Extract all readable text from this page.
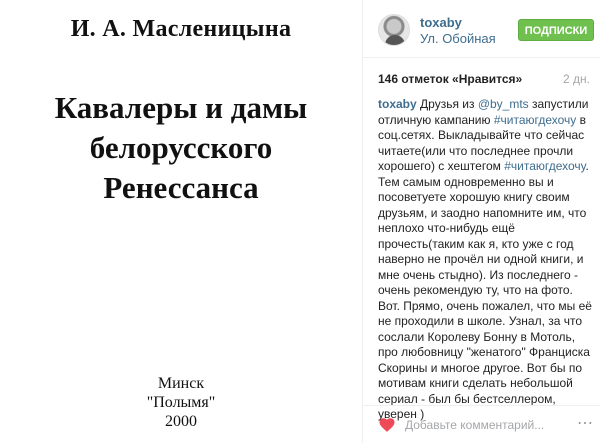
И. А. Масленицына
Кавалеры и дамы
белорусского
Ренессанса
Минск
"Полымя"
2000
toxaby
Ул. Обойная	ПОДПИСКИ
146 отметок «Нравится»	2 дн.
toxaby Друзья из @by_mts запустили отличную кампанию #читаюгдехочу в соц.сетях. Выкладывайте что сейчас читаете(или что последнее прочли хорошего) с хештегом #читаюгдехочу. Тем самым одновременно вы и посоветуете хорошую книгу своим друзьям, и заодно напомните им, что неплохо что-нибудь ещё прочесть(таким как я, кто уже с год наверно не прочёл ни одной книги, и мне очень стыдно). Из последнего - очень рекомендую ту, что на фото. Вот. Прямо, очень пожалел, что мы её не проходили в школе. Узнал, за что сослали Королеву Бонну в Мотоль, про любовницу "женатого" Франциска Скорины и многое другое. Вот бы по мотивам книги сделать небольшой сериал - был бы бестселлером, уверен )
Добавьте комментарий...
⋯
